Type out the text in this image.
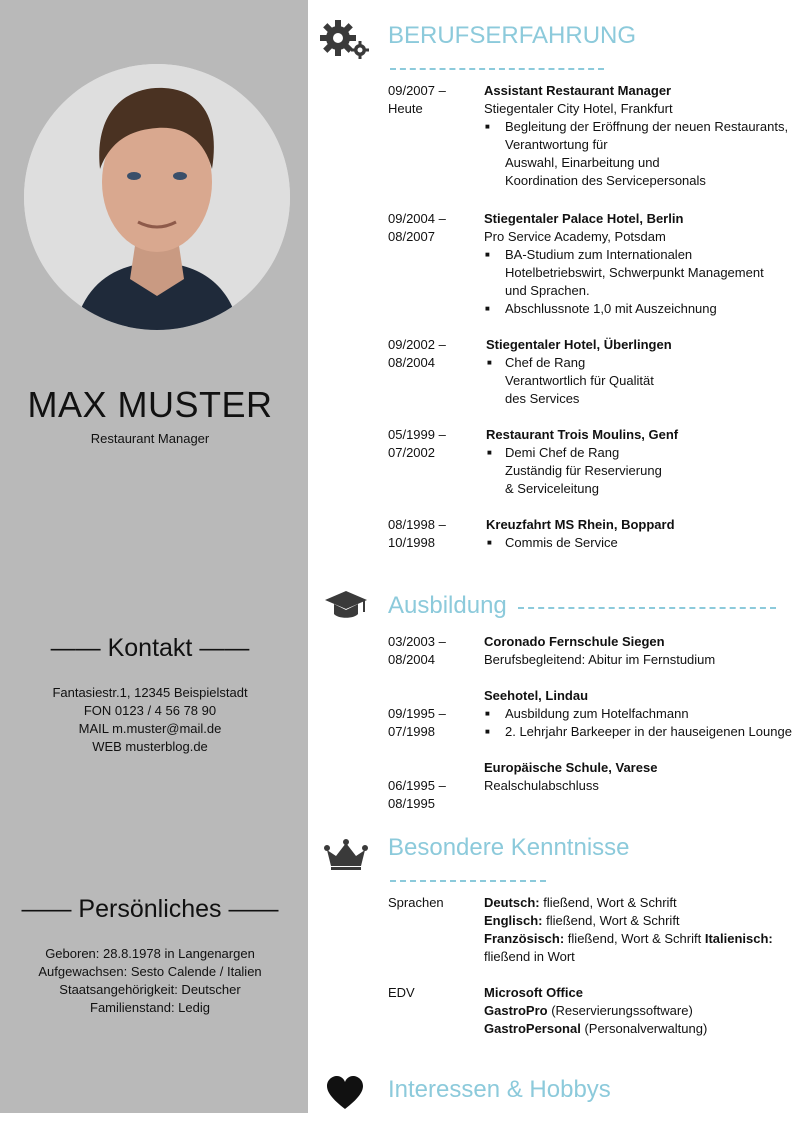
MAX MUSTER
Restaurant Manager
—— Kontakt ——
Fantasiestr.1, 12345 Beispielstadt
FON 0123 / 4 56 78 90
MAIL m.muster@mail.de
WEB musterblog.de
—— Persönliches ——
Geboren: 28.8.1978 in Langenargen
Aufgewachsen: Sesto Calende / Italien
Staatsangehörigkeit: Deutscher
Familienstand: Ledig
BERUFSERFAHRUNG
09/2007 –
Heute
Assistant Restaurant Manager
Stiegentaler City Hotel, Frankfurt
■ Begleitung der Eröffnung der neuen Restaurants,
Verantwortung für
Auswahl, Einarbeitung und
Koordination des Servicepersonals
09/2004 –
08/2007
Stiegentaler Palace Hotel, Berlin
Pro Service Academy, Potsdam
■ BA-Studium zum Internationalen
Hotelbetriebswirt, Schwerpunkt Management
und Sprachen.
■ Abschlussnote 1,0 mit Auszeichnung
09/2002 –
08/2004
Stiegentaler Hotel, Überlingen
■ Chef de Rang
Verantwortlich für Qualität
des Services
05/1999 –
07/2002
Restaurant Trois Moulins, Genf
■ Demi Chef de Rang
Zuständig für Reservierung
& Serviceleitung
08/1998 –
10/1998
Kreuzfahrt MS Rhein, Boppard
■ Commis de Service
Ausbildung
03/2003 –
08/2004
Coronado Fernschule Siegen
Berufsbegleitend: Abitur im Fernstudium
Seehotel, Lindau
09/1995 –
07/1998
■ Ausbildung zum Hotelfachmann
■ 2. Lehrjahr Barkeeper in der hauseigenen Lounge
Europäische Schule, Varese
Realschulabschluss
06/1995 –
08/1995
Besondere Kenntnisse
Sprachen	Deutsch: fließend, Wort & Schrift
Englisch: fließend, Wort & Schrift
Französisch: fließend, Wort & Schrift Italienisch:
fließend in Wort
EDV	Microsoft Office
GastroPro (Reservierungssoftware)
GastroPersonal (Personalverwaltung)
Interessen & Hobbys
